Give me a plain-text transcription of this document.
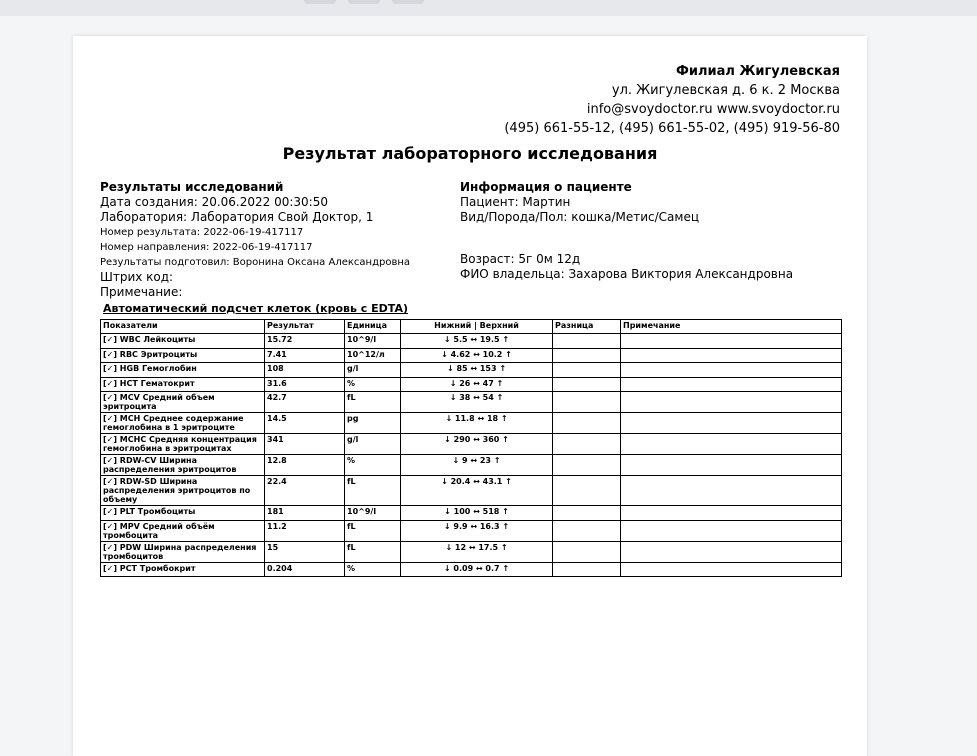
Филиал Жигулевская
ул. Жигулевская д. 6 к. 2 Москва
info@svoydoctor.ru www.svoydoctor.ru
(495) 661-55-12, (495) 661-55-02, (495) 919-56-80
Результат лабораторного исследования
Результаты исследований
Дата создания: 20.06.2022 00:30:50
Лаборатория: Лаборатория Свой Доктор, 1
Номер результата: 2022-06-19-417117
Номер направления: 2022-06-19-417117
Результаты подготовил: Воронина Оксана Александровна
Штрих код:
Примечание:
Информация о пациенте
Пациент: Мартин
Вид/Порода/Пол: кошка/Метис/Самец
Возраст: 5г 0м 12д
ФИО владельца: Захарова Виктория Александровна
Автоматический подсчет клеток (кровь с EDTA)
Показатели	Результат	Единица	Нижний | Верхний	Разница	Примечание
[✓] WBC Лейкоциты	15.72	10^9/l	↓ 5.5 ↔ 19.5 ↑		
[✓] RBC Эритроциты	7.41	10^12/л	↓ 4.62 ↔ 10.2 ↑		
[✓] HGB Гемоглобин	108	g/l	↓ 85 ↔ 153 ↑		
[✓] HCT Гематокрит	31.6	%	↓ 26 ↔ 47 ↑		
[✓] MCV Средний объем эритроцита	42.7	fL	↓ 38 ↔ 54 ↑		
[✓] MCH Среднее содержание гемоглобина в 1 эритроците	14.5	pg	↓ 11.8 ↔ 18 ↑		
[✓] MCHC Средняя концентрация гемоглобина в эритроцитах	341	g/l	↓ 290 ↔ 360 ↑		
[✓] RDW-CV Ширина распределения эритроцитов	12.8	%	↓ 9 ↔ 23 ↑		
[✓] RDW-SD Ширина распределения эритроцитов по объему	22.4	fL	↓ 20.4 ↔ 43.1 ↑		
[✓] PLT Тромбоциты	181	10^9/l	↓ 100 ↔ 518 ↑		
[✓] MPV Средний объём тромбоцита	11.2	fL	↓ 9.9 ↔ 16.3 ↑		
[✓] PDW Ширина распределения тромбоцитов	15	fL	↓ 12 ↔ 17.5 ↑		
[✓] PCT Тромбокрит	0.204	%	↓ 0.09 ↔ 0.7 ↑		
